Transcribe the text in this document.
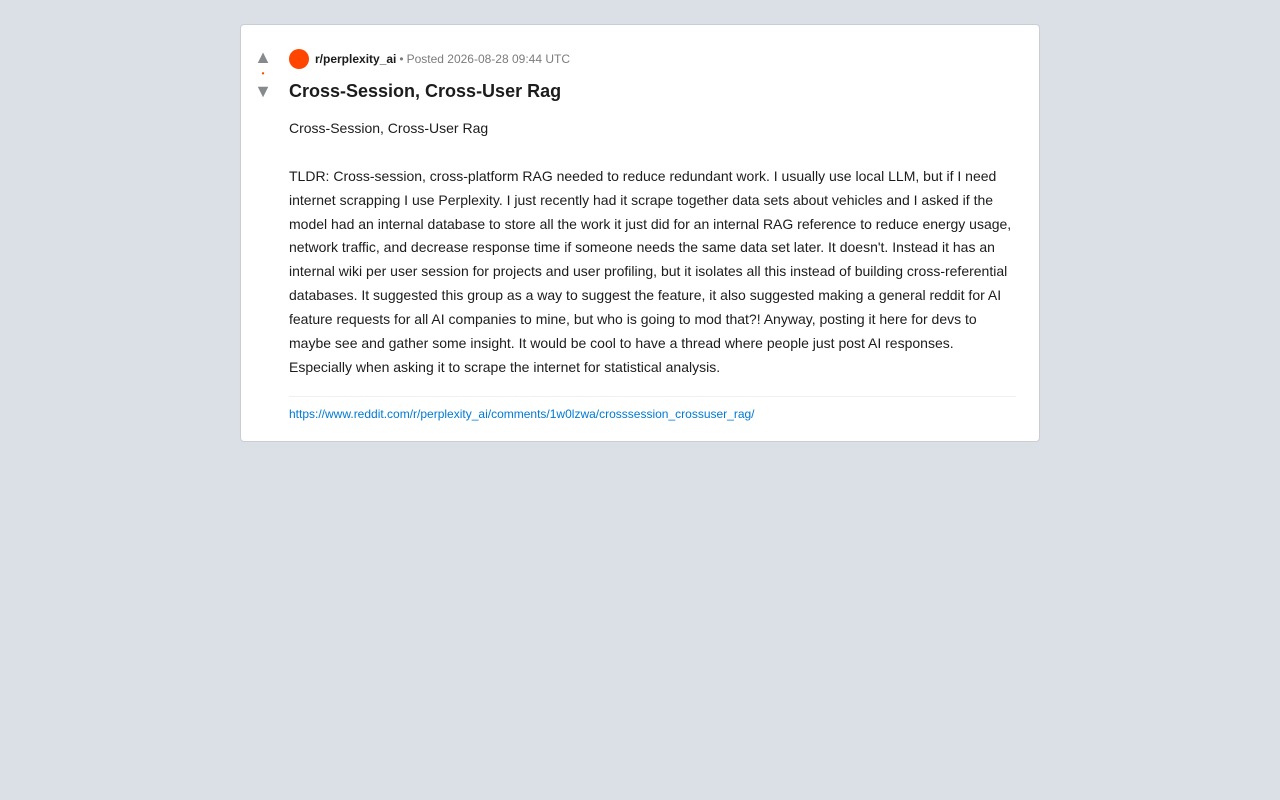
▲
•
▼
r/perplexity_ai • Posted 2026-08-28 09:44 UTC
Cross-Session, Cross-User Rag

Cross-Session, Cross-User Rag

TLDR: Cross-session, cross-platform RAG needed to reduce redundant work. I usually use local LLM, but if I need internet scrapping I use Perplexity. I just recently had it scrape together data sets about vehicles and I asked if the model had an internal database to store all the work it just did for an internal RAG reference to reduce energy usage, network traffic, and decrease response time if someone needs the same data set later. It doesn't. Instead it has an internal wiki per user session for projects and user profiling, but it isolates all this instead of building cross-referential databases. It suggested this group as a way to suggest the feature, it also suggested making a general reddit for AI feature requests for all AI companies to mine, but who is going to mod that?! Anyway, posting it here for devs to maybe see and gather some insight. It would be cool to have a thread where people just post AI responses. Especially when asking it to scrape the internet for statistical analysis.

https://www.reddit.com/r/perplexity_ai/comments/1w0lzwa/crosssession_crossuser_rag/
